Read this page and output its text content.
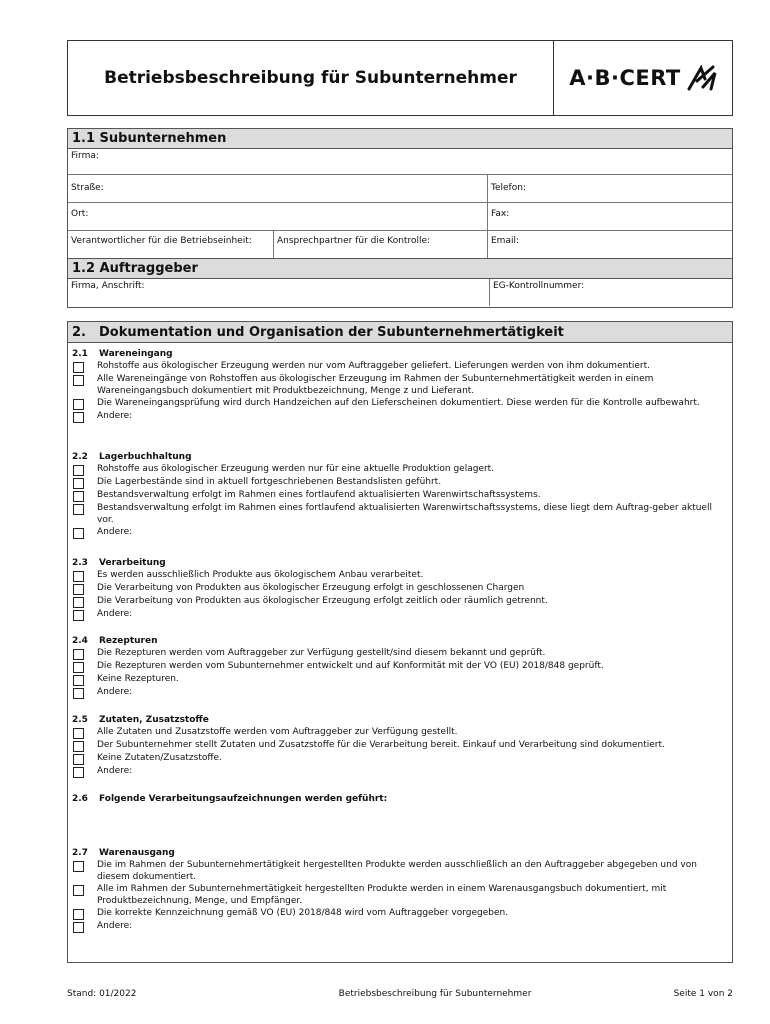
Betriebsbeschreibung für Subunternehmer	A·B·CERT
1.1 Subunternehmen
Firma:
Straße:	Telefon:
Ort:	Fax:
Verantwortlicher für die Betriebseinheit:	Ansprechpartner für die Kontrolle:	Email:
1.2 Auftraggeber
Firma, Anschrift:	EG-Kontrollnummer:
2.	Dokumentation und Organisation der Subunternehmertätigkeit
2.1	Wareneingang
Rohstoffe aus ökologischer Erzeugung werden nur vom Auftraggeber geliefert. Lieferungen werden von ihm dokumentiert.
Alle Wareneingänge von Rohstoffen aus ökologischer Erzeugung im Rahmen der Subunternehmertätigkeit werden in einem Wareneingangsbuch dokumentiert mit Produktbezeichnung, Menge z und Lieferant.
Die Wareneingangsprüfung wird durch Handzeichen auf den Lieferscheinen dokumentiert. Diese werden für die Kontrolle aufbewahrt.
Andere:
2.2	Lagerbuchhaltung
Rohstoffe aus ökologischer Erzeugung werden nur für eine aktuelle Produktion gelagert.
Die Lagerbestände sind in aktuell fortgeschriebenen Bestandslisten geführt.
Bestandsverwaltung erfolgt im Rahmen eines fortlaufend aktualisierten Warenwirtschaftssystems.
Bestandsverwaltung erfolgt im Rahmen eines fortlaufend aktualisierten Warenwirtschaftssystems, diese liegt dem Auftrag-geber aktuell vor.
Andere:
2.3	Verarbeitung
Es werden ausschließlich Produkte aus ökologischem Anbau verarbeitet.
Die Verarbeitung von Produkten aus ökologischer Erzeugung erfolgt in geschlossenen Chargen
Die Verarbeitung von Produkten aus ökologischer Erzeugung erfolgt zeitlich oder räumlich getrennt.
Andere:
2.4	Rezepturen
Die Rezepturen werden vom Auftraggeber zur Verfügung gestellt/sind diesem bekannt und geprüft.
Die Rezepturen werden vom Subunternehmer entwickelt und auf Konformität mit der VO (EU) 2018/848 geprüft.
Keine Rezepturen.
Andere:
2.5	Zutaten, Zusatzstoffe
Alle Zutaten und Zusatzstoffe werden vom Auftraggeber zur Verfügung gestellt.
Der Subunternehmer stellt Zutaten und Zusatzstoffe für die Verarbeitung bereit. Einkauf und Verarbeitung sind dokumentiert.
Keine Zutaten/Zusatzstoffe.
Andere:
2.6	Folgende Verarbeitungsaufzeichnungen werden geführt:
2.7	Warenausgang
Die im Rahmen der Subunternehmertätigkeit hergestellten Produkte werden ausschließlich an den Auftraggeber abgegeben und von diesem dokumentiert.
Alle im Rahmen der Subunternehmertätigkeit hergestellten Produkte werden in einem Warenausgangsbuch dokumentiert, mit Produktbezeichnung, Menge, und Empfänger.
Die korrekte Kennzeichnung gemäß VO (EU) 2018/848 wird vom Auftraggeber vorgegeben.
Andere:
Stand: 01/2022	Betriebsbeschreibung für Subunternehmer	Seite 1 von 2
